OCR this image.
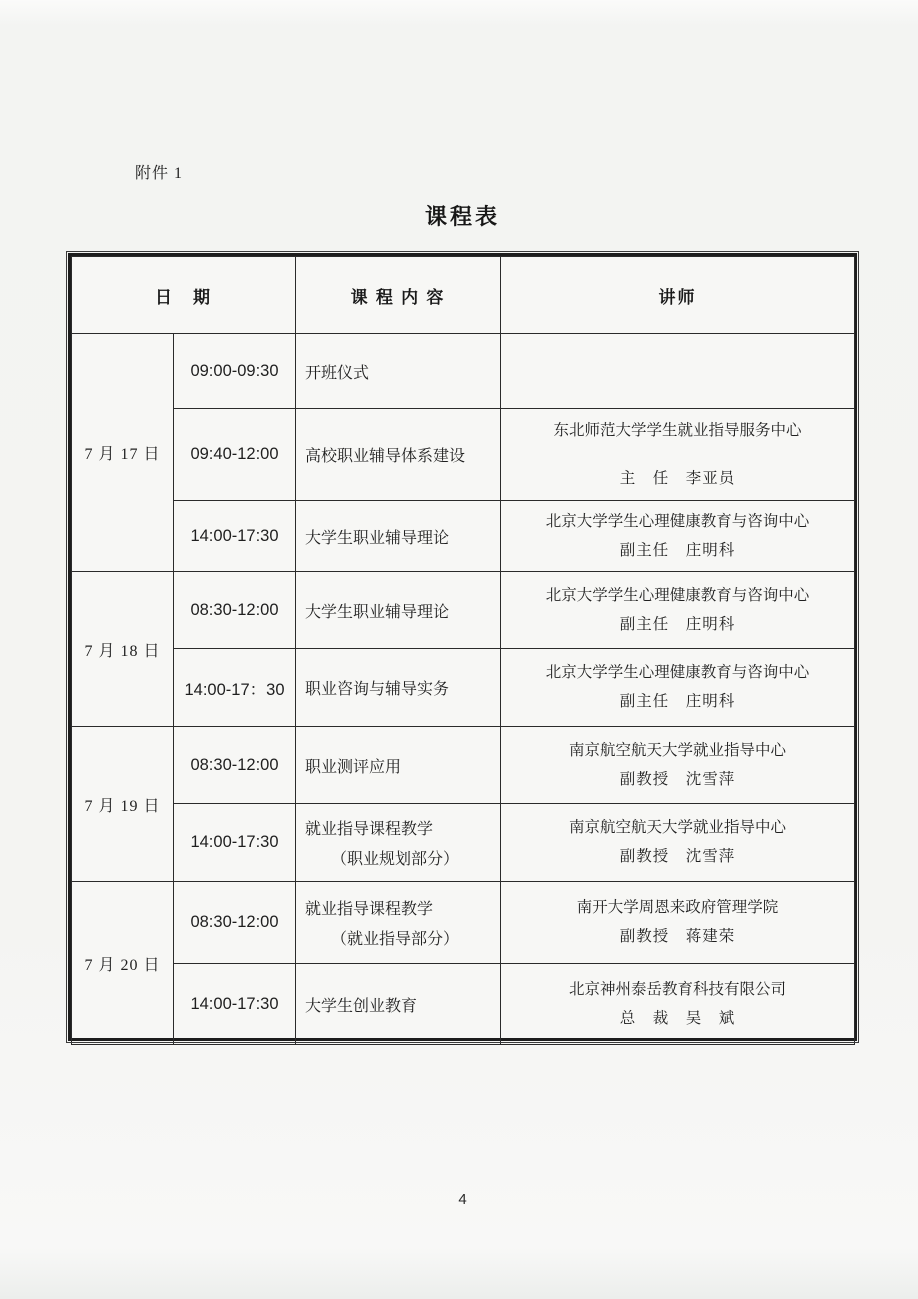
附件 1
课程表
日　期		课 程 内 容	讲师
7 月 17 日	09:00-09:30	开班仪式	

	09:40-12:00	高校职业辅导体系建设	东北师范大学学生就业指导服务中心
主　任　李亚员

	14:00-17:30	大学生职业辅导理论	北京大学学生心理健康教育与咨询中心
副主任　庄明科

7 月 18 日	08:30-12:00	大学生职业辅导理论	北京大学学生心理健康教育与咨询中心
副主任　庄明科

	14:00-17：30	职业咨询与辅导实务	北京大学学生心理健康教育与咨询中心
副主任　庄明科

7 月 19 日	08:30-12:00	职业测评应用	南京航空航天大学就业指导中心
副教授　沈雪萍

	14:00-17:30	就业指导课程教学
（职业规划部分）	南京航空航天大学就业指导中心
副教授　沈雪萍

7 月 20 日	08:30-12:00	就业指导课程教学
（就业指导部分）	南开大学周恩来政府管理学院
副教授　蒋建荣

	14:00-17:30	大学生创业教育	北京神州泰岳教育科技有限公司
总　裁　吴　斌
4
